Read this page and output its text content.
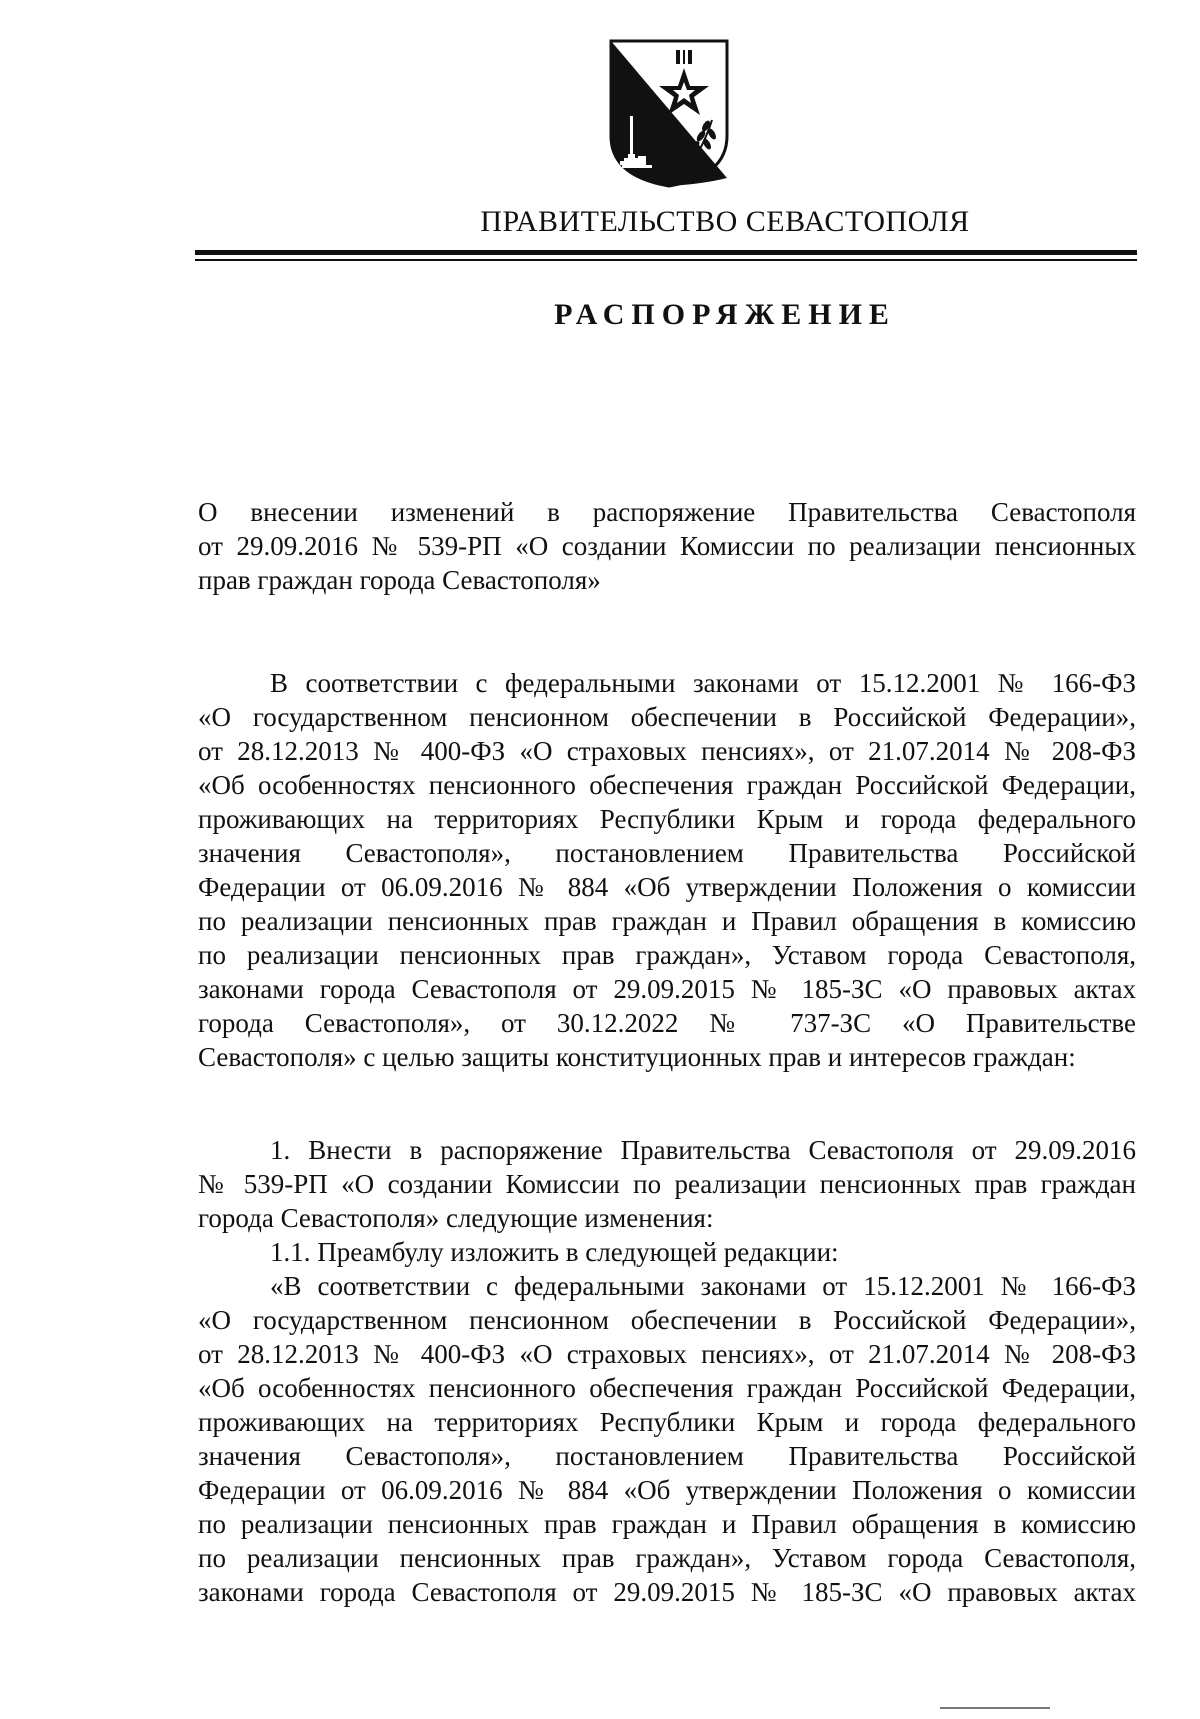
ПРАВИТЕЛЬСТВО СЕВАСТОПОЛЯ
РАСПОРЯЖЕНИЕ
О внесении изменений в распоряжение Правительства Севастополя
от 29.09.2016 № 539-РП «О создании Комиссии по реализации пенсионных
прав граждан города Севастополя»
В соответствии с федеральными законами от 15.12.2001 № 166-ФЗ
«О государственном пенсионном обеспечении в Российской Федерации»,
от 28.12.2013 № 400-ФЗ «О страховых пенсиях», от 21.07.2014 № 208-ФЗ
«Об особенностях пенсионного обеспечения граждан Российской Федерации,
проживающих на территориях Республики Крым и города федерального
значения Севастополя», постановлением Правительства Российской
Федерации от 06.09.2016 № 884 «Об утверждении Положения о комиссии
по реализации пенсионных прав граждан и Правил обращения в комиссию
по реализации пенсионных прав граждан», Уставом города Севастополя,
законами города Севастополя от 29.09.2015 № 185-ЗС «О правовых актах
города Севастополя», от 30.12.2022 № 737-ЗС «О Правительстве
Севастополя» с целью защиты конституционных прав и интересов граждан:
1. Внести в распоряжение Правительства Севастополя от 29.09.2016
№ 539-РП «О создании Комиссии по реализации пенсионных прав граждан
города Севастополя» следующие изменения:
1.1. Преамбулу изложить в следующей редакции:
«В соответствии с федеральными законами от 15.12.2001 № 166-ФЗ
«О государственном пенсионном обеспечении в Российской Федерации»,
от 28.12.2013 № 400-ФЗ «О страховых пенсиях», от 21.07.2014 № 208-ФЗ
«Об особенностях пенсионного обеспечения граждан Российской Федерации,
проживающих на территориях Республики Крым и города федерального
значения Севастополя», постановлением Правительства Российской
Федерации от 06.09.2016 № 884 «Об утверждении Положения о комиссии
по реализации пенсионных прав граждан и Правил обращения в комиссию
по реализации пенсионных прав граждан», Уставом города Севастополя,
законами города Севастополя от 29.09.2015 № 185-ЗС «О правовых актах
